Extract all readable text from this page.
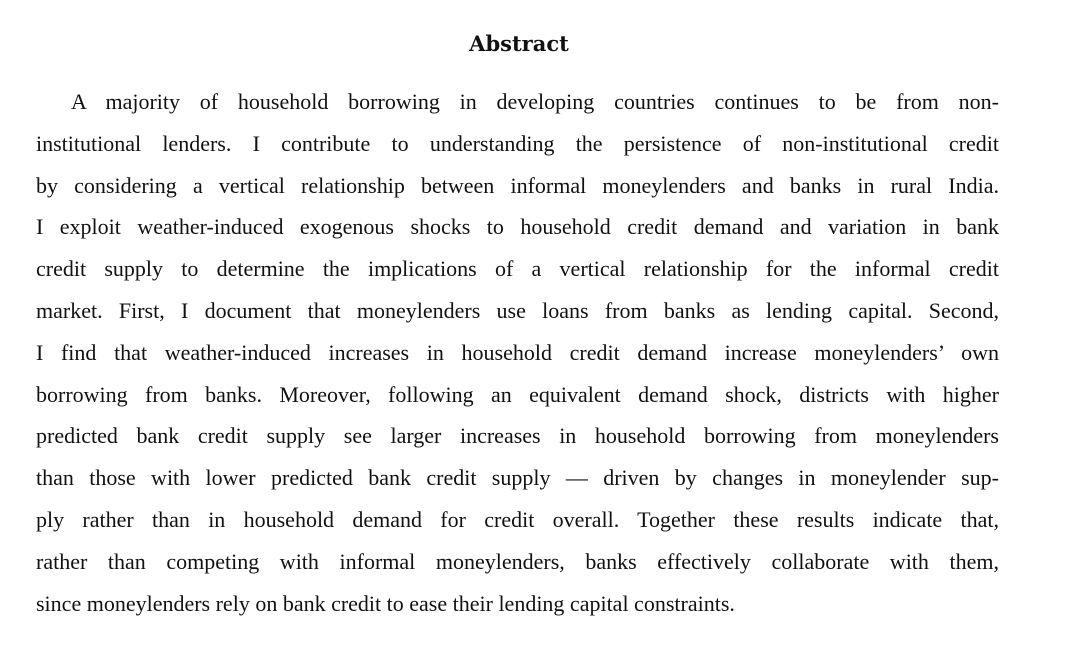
Abstract
A majority of household borrowing in developing countries continues to be from non-
institutional lenders. I contribute to understanding the persistence of non-institutional credit
by considering a vertical relationship between informal moneylenders and banks in rural India.
I exploit weather-induced exogenous shocks to household credit demand and variation in bank
credit supply to determine the implications of a vertical relationship for the informal credit
market. First, I document that moneylenders use loans from banks as lending capital. Second,
I find that weather-induced increases in household credit demand increase moneylenders’ own
borrowing from banks. Moreover, following an equivalent demand shock, districts with higher
predicted bank credit supply see larger increases in household borrowing from moneylenders
than those with lower predicted bank credit supply — driven by changes in moneylender sup-
ply rather than in household demand for credit overall. Together these results indicate that,
rather than competing with informal moneylenders, banks effectively collaborate with them,
since moneylenders rely on bank credit to ease their lending capital constraints.
